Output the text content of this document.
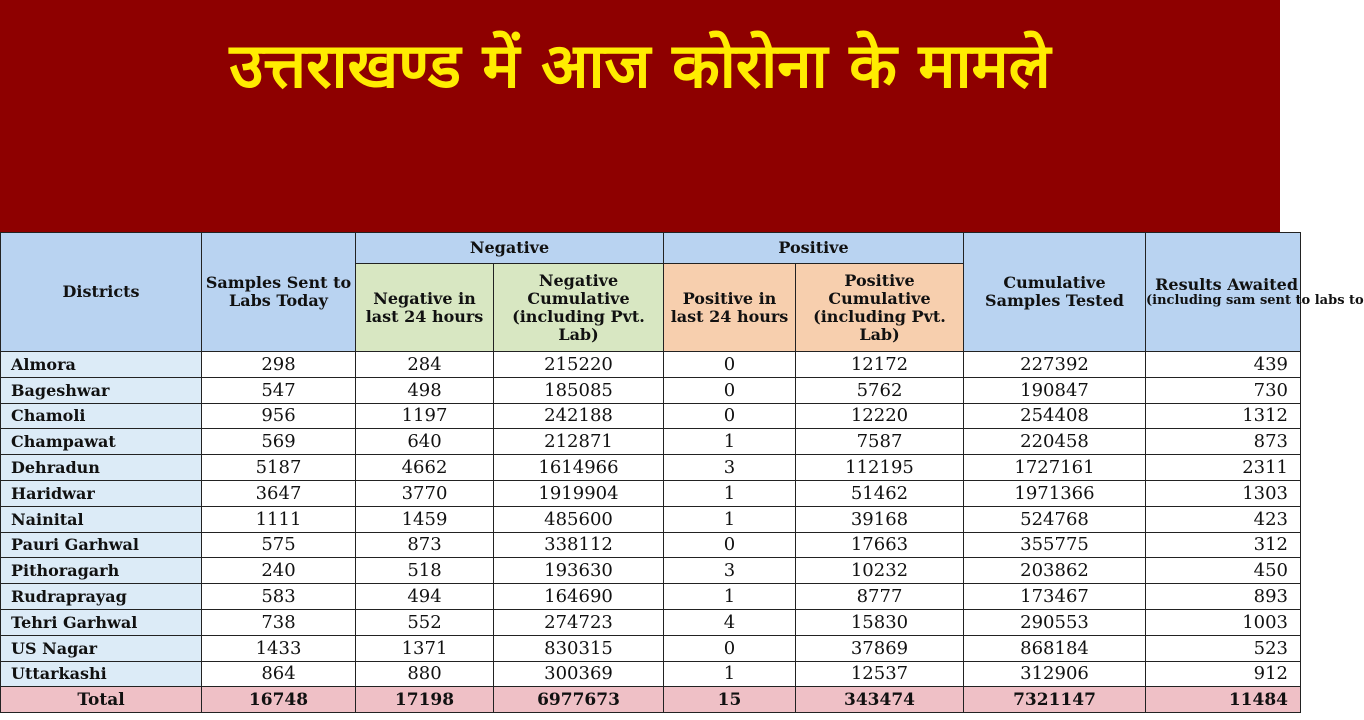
उत्तराखण्ड में आज कोरोना के मामले
Districts	Samples Sent to Labs Today	Negative		Positive		Cumulative Samples Tested	Results Awaited
(including sam sent to labs to

		Negative in last 24 hours	Negative Cumulative (including Pvt. Lab)	Positive in last 24 hours	Positive Cumulative (including Pvt. Lab)		
Almora	298	284	215220	0	12172	227392	439
Bageshwar	547	498	185085	0	5762	190847	730
Chamoli	956	1197	242188	0	12220	254408	1312
Champawat	569	640	212871	1	7587	220458	873
Dehradun	5187	4662	1614966	3	112195	1727161	2311
Haridwar	3647	3770	1919904	1	51462	1971366	1303
Nainital	1111	1459	485600	1	39168	524768	423
Pauri Garhwal	575	873	338112	0	17663	355775	312
Pithoragarh	240	518	193630	3	10232	203862	450
Rudraprayag	583	494	164690	1	8777	173467	893
Tehri Garhwal	738	552	274723	4	15830	290553	1003
US Nagar	1433	1371	830315	0	37869	868184	523
Uttarkashi	864	880	300369	1	12537	312906	912
Total	16748	17198	6977673	15	343474	7321147	11484
